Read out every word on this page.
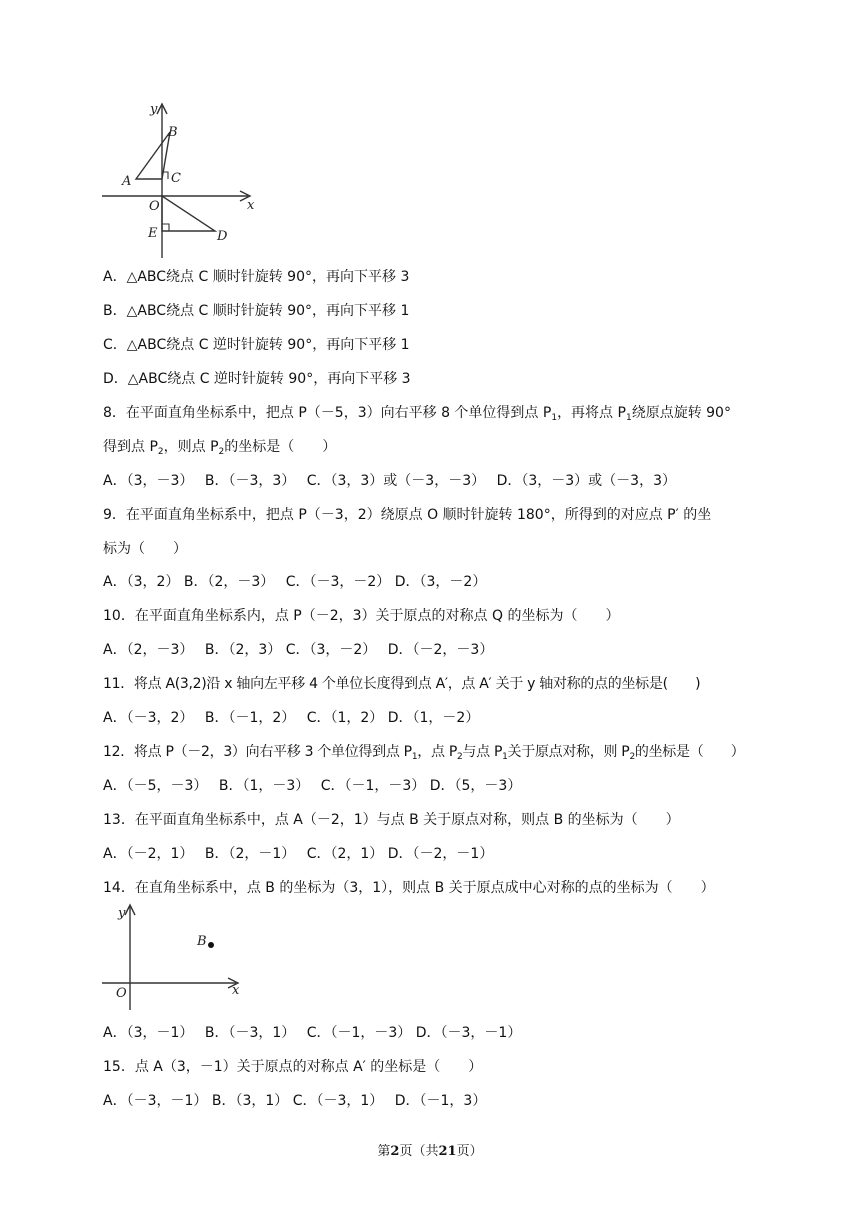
y
B
A	C
O	x
E	D
A．△ABC绕点 C 顺时针旋转 90°，再向下平移 3
B．△ABC绕点 C 顺时针旋转 90°，再向下平移 1
C．△ABC绕点 C 逆时针旋转 90°，再向下平移 1
D．△ABC绕点 C 逆时针旋转 90°，再向下平移 3
8．在平面直角坐标系中，把点 P（－5，3）向右平移 8 个单位得到点 $P_1$，再将点 $P_1$绕原点旋转 90°
得到点 $P_2$，则点 $P_2$的坐标是（　　）
A．（3，－3）　 B．（－3，3）　 C．（3，3）或（－3，－3）　 D．（3，－3）或（－3，3）
9．在平面直角坐标系中，把点 P（－3，2）绕原点 O 顺时针旋转 180°，所得到的对应点 P′ 的坐
标为（　　）
A．（3，2） B．（2，－3）　 C．（－3，－2） D．（3，－2）
10．在平面直角坐标系内，点 P（－2，3）关于原点的对称点 Q 的坐标为（　　）
A．（2，－3）　 B．（2，3） C．（3，－2）　 D．（－2，－3）
11．将点 A(3,2)沿 x 轴向左平移 4 个单位长度得到点 A′，点 A′ 关于 y 轴对称的点的坐标是(　　)
A．（－3，2）　 B．（－1，2）　 C．（1，2） D．（1，－2）
12．将点 P（－2，3）向右平移 3 个单位得到点 $P_1$，点 $P_2$与点 $P_1$关于原点对称，则 $P_2$的坐标是（　　）
A．（－5，－3）　 B．（1，－3）　 C．（－1，－3） D．（5，－3）
13．在平面直角坐标系中，点 A（－2，1）与点 B 关于原点对称，则点 B 的坐标为（　　）
A．（－2，1）　 B．（2，－1）　 C．（2，1） D．（－2，－1）
14．在直角坐标系中，点 B 的坐标为（3，1），则点 B 关于原点成中心对称的点的坐标为（　　）
y
B
O	x
A．（3，－1）　 B．（－3，1）　 C．（－1，－3） D．（－3，－1）
15．点 A（3，－1）关于原点的对称点 A′ 的坐标是（　　）
A．（－3，－1） B．（3，1） C．（－3，1）　 D．（－1，3）
第2页（共21页）
